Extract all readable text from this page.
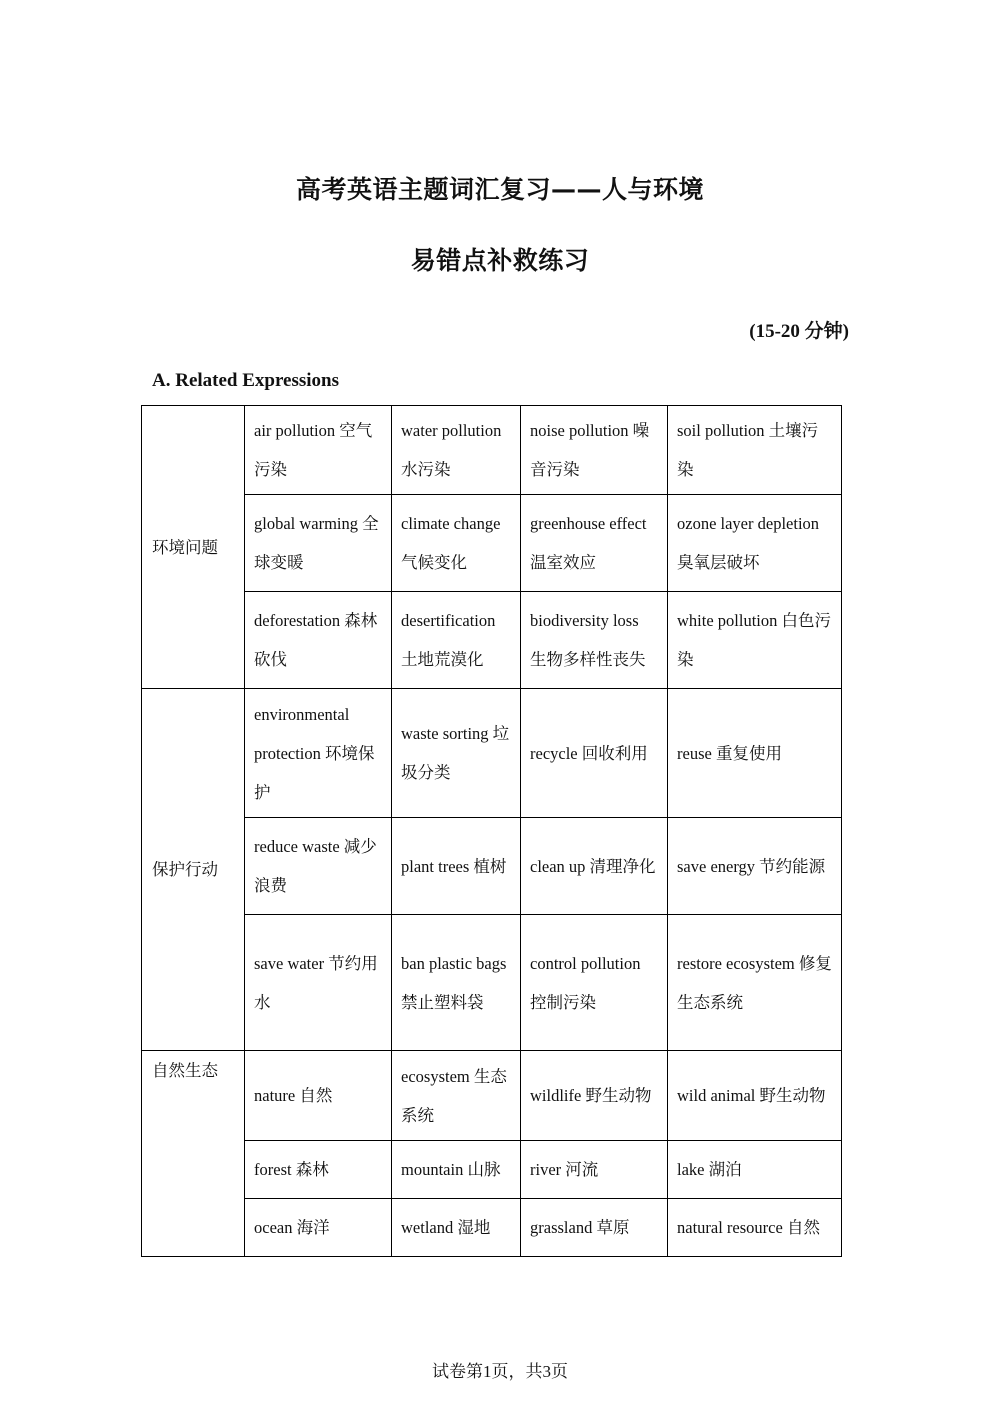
高考英语主题词汇复习——人与环境
易错点补救练习
(15-20 分钟)
A. Related Expressions
环境问题	air pollution 空气污染	water pollution 水污染	noise pollution 噪音污染	soil pollution 土壤污染
	global warming 全球变暖	climate change 气候变化	greenhouse effect 温室效应	ozone layer depletion 臭氧层破坏
	deforestation 森林砍伐	desertification 土地荒漠化	biodiversity loss 生物多样性丧失	white pollution 白色污染
保护行动	environmental protection 环境保护	waste sorting 垃圾分类	recycle 回收利用	reuse 重复使用
	reduce waste 减少浪费	plant trees 植树	clean up 清理净化	save energy 节约能源
	save water 节约用水	ban plastic bags 禁止塑料袋	control pollution 控制污染	restore ecosystem 修复生态系统
自然生态	nature 自然	ecosystem 生态系统	wildlife 野生动物	wild animal 野生动物
	forest 森林	mountain 山脉	river 河流	lake 湖泊
	ocean 海洋	wetland 湿地	grassland 草原	natural resource 自然
试卷第1页，共3页
